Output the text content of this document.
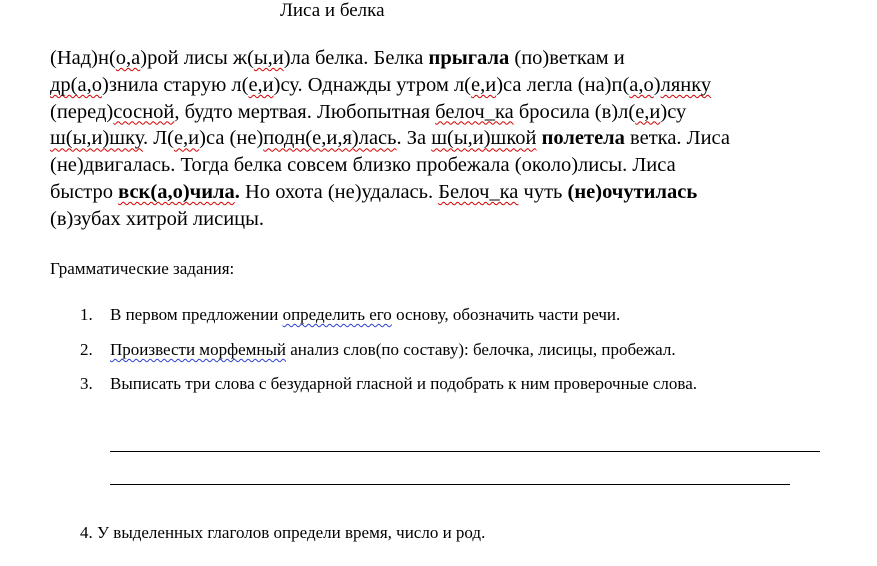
Лиса и белка
(Над)н(о,а)рой лисы ж(ы,и)ла белка. Белка прыгала (по)веткам и
др(а,о)знила старую л(е,и)су. Однажды утром л(е,и)са легла (на)п(а,о)лянку
(перед)сосной, будто мертвая. Любопытная белоч_ка бросила (в)л(е,и)су
ш(ы,и)шку. Л(е,и)са (не)подн(е,и,я)лась. За ш(ы,и)шкой полетела ветка. Лиса
(не)двигалась. Тогда белка совсем близко пробежала (около)лисы. Лиса
быстро вск(а,о)чила. Но охота (не)удалась. Белоч_ка чуть (не)очутилась
(в)зубах хитрой лисицы.
Грамматические задания:
1. В первом предложении определить его основу, обозначить части речи.
2. Произвести морфемный анализ слов(по составу): белочка, лисицы, пробежал.
3. Выписать три слова с безударной гласной и подобрать к ним проверочные слова.
4. У выделенных глаголов определи время, число и род.
